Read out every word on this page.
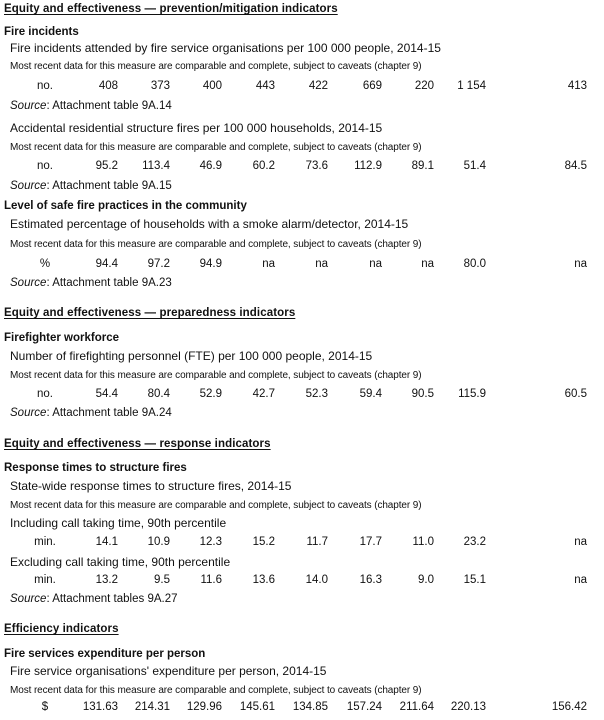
Equity and effectiveness — prevention/mitigation indicators
Fire incidents
Fire incidents attended by fire service organisations per 100 000 people, 2014-15
Most recent data for this measure are comparable and complete, subject to caveats (chapter 9)
no.	408	373	400	443	422	669	220	1 154	413
Source: Attachment table 9A.14
Accidental residential structure fires per 100 000 households, 2014-15
Most recent data for this measure are comparable and complete, subject to caveats (chapter 9)
no.	95.2	113.4	46.9	60.2	73.6	112.9	89.1	51.4	84.5
Source: Attachment table 9A.15
Level of safe fire practices in the community
Estimated percentage of households with a smoke alarm/detector, 2014-15
Most recent data for this measure are comparable and complete, subject to caveats (chapter 9)
%	94.4	97.2	94.9	na	na	na	na	80.0	na
Source: Attachment table 9A.23
Equity and effectiveness — preparedness indicators
Firefighter workforce
Number of firefighting personnel (FTE) per 100 000 people, 2014-15
Most recent data for this measure are comparable and complete, subject to caveats (chapter 9)
no.	54.4	80.4	52.9	42.7	52.3	59.4	90.5	115.9	60.5
Source: Attachment table 9A.24
Equity and effectiveness — response indicators
Response times to structure fires
State-wide response times to structure fires, 2014-15
Most recent data for this measure are comparable and complete, subject to caveats (chapter 9)
Including call taking time, 90th percentile
min.	14.1	10.9	12.3	15.2	11.7	17.7	11.0	23.2	na
Excluding call taking time, 90th percentile
min.	13.2	9.5	11.6	13.6	14.0	16.3	9.0	15.1	na
Source: Attachment tables 9A.27
Efficiency indicators
Fire services expenditure per person
Fire service organisations' expenditure per person, 2014-15
Most recent data for this measure are comparable and complete, subject to caveats (chapter 9)
$	131.63	214.31	129.96	145.61	134.85	157.24	211.64	220.13	156.42
